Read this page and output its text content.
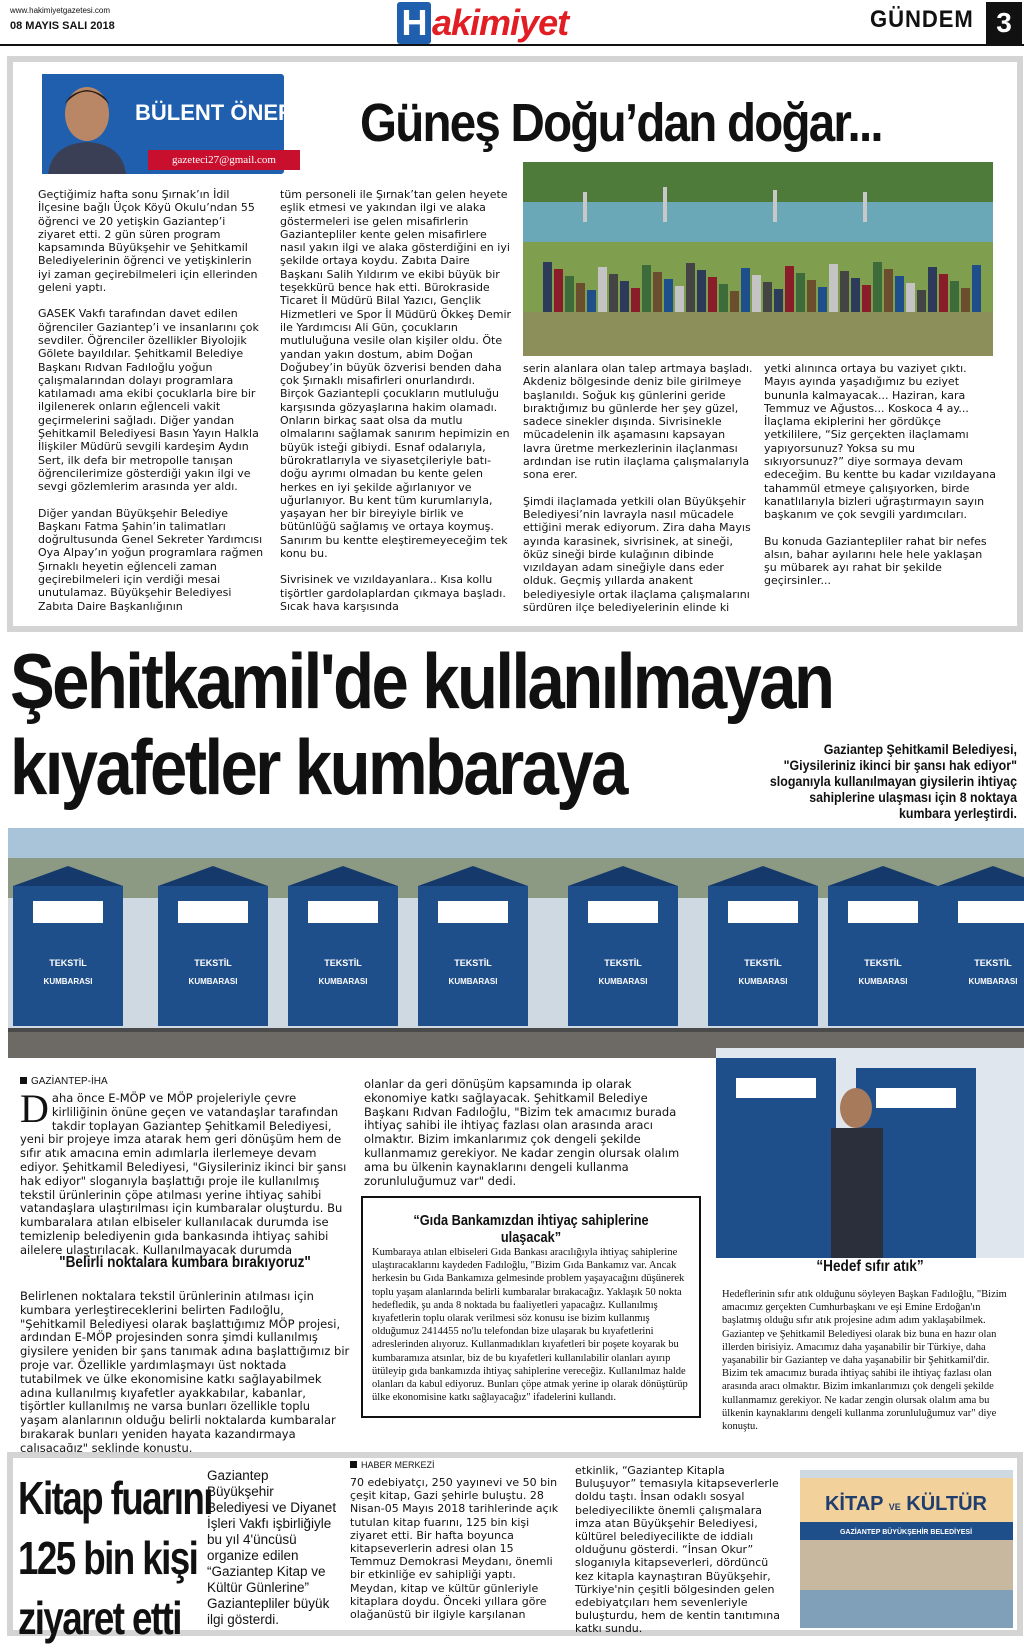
www.hakimiyetgazetesi.com
08 MAYIS SALI 2018	H akimiyet	GÜNDEM 3
BÜLENT ÖNER
gazeteci27@gmail.com
Güneş Doğu’dan doğar...

Geçtiğimiz hafta sonu Şırnak’ın İdil İlçesine bağlı Üçok Köyü Okulu’ndan 55 öğrenci ve 20 yetişkin Gaziantep’i ziyaret etti. 2 gün süren program kapsamında Büyükşehir ve Şehitkamil Belediyelerinin öğrenci ve yetişkinlerin iyi zaman geçirebilmeleri için ellerinden geleni yaptı.

GASEK Vakfı tarafından davet edilen öğrenciler Gaziantep’i ve insanlarını çok sevdiler. Öğrenciler özellikler Biyolojik Gölete bayıldılar. Şehitkamil Belediye Başkanı Rıdvan Fadıloğlu yoğun çalışmalarından dolayı programlara katılamadı ama ekibi çocuklarla bire bir ilgilenerek onların eğlenceli vakit geçirmelerini sağladı. Diğer yandan Şehitkamil Belediyesi Basın Yayın Halkla İlişkiler Müdürü sevgili kardeşim Aydın Sert, ilk defa bir metropolle tanışan öğrencilerimize gösterdiği yakın ilgi ve sevgi gözlemlerim arasında yer aldı.

Diğer yandan Büyükşehir Belediye Başkanı Fatma Şahin’in talimatları doğrultusunda Genel Sekreter Yardımcısı Oya Alpay’ın yoğun programlara rağmen Şırnaklı heyetin eğlenceli zaman geçirebilmeleri için verdiği mesai unutulamaz. Büyükşehir Belediyesi Zabıta Daire Başkanlığının

tüm personeli ile Şırnak’tan gelen heyete eşlik etmesi ve yakından ilgi ve alaka göstermeleri ise gelen misafirlerin Gaziantepliler kente gelen misafirlere nasıl yakın ilgi ve alaka gösterdiğini en iyi şekilde ortaya koydu. Zabıta Daire Başkanı Salih Yıldırım ve ekibi büyük bir teşekkürü bence hak etti. Bürokraside Ticaret İl Müdürü Bilal Yazıcı, Gençlik Hizmetleri ve Spor İl Müdürü Ökkeş Demir ile Yardımcısı Ali Gün, çocukların mutluluğuna vesile olan kişiler oldu. Öte yandan yakın dostum, abim Doğan Doğubey’in büyük özverisi benden daha çok Şırnaklı misafirleri onurlandırdı. Birçok Gaziantepli çocukların mutluluğu karşısında gözyaşlarına hakim olamadı. Onların birkaç saat olsa da mutlu olmalarını sağlamak sanırım hepimizin en büyük isteği gibiydi. Esnaf odalarıyla, bürokratlarıyla ve siyasetçileriyle batı-doğu ayrımı olmadan bu kente gelen herkes en iyi şekilde ağırlanıyor ve uğurlanıyor. Bu kent tüm kurumlarıyla, yaşayan her bir bireyiyle birlik ve bütünlüğü sağlamış ve ortaya koymuş. Sanırım bu kentte eleştiremeyeceğim tek konu bu.

Sivrisinek ve vızıldayanlara.. Kısa kollu tişörtler gardolaplardan çıkmaya başladı. Sıcak hava karşısında

serin alanlara olan talep artmaya başladı. Akdeniz bölgesinde deniz bile girilmeye başlanıldı. Soğuk kış günlerini geride bıraktığımız bu günlerde her şey güzel, sadece sinekler dışında. Sivrisinekle mücadelenin ilk aşamasını kapsayan lavra üretme merkezlerinin ilaçlanması ardından ise rutin ilaçlama çalışmalarıyla sona erer.

Şimdi ilaçlamada yetkili olan Büyükşehir Belediyesi’nin lavrayla nasıl mücadele ettiğini merak ediyorum. Zira daha Mayıs ayında karasinek, sivrisinek, at sineği, öküz sineği birde kulağının dibinde vızıldayan adam sineğiyle dans eder olduk. Geçmiş yıllarda anakent belediyesiyle ortak ilaçlama çalışmalarını sürdüren ilçe belediyelerinin elinde ki

yetki alınınca ortaya bu vaziyet çıktı. Mayıs ayında yaşadığımız bu eziyet bununla kalmayacak... Haziran, kara Temmuz ve Ağustos... Koskoca 4 ay... İlaçlama ekiplerini her gördükçe yetkililere, “Siz gerçekten ilaçlamamı yapıyorsunuz? Yoksa su mu sıkıyorsunuz?” diye sormaya devam edeceğim. Bu kentte bu kadar vızıldayana tahammül etmeye çalışıyorken, birde kanatlılarıyla bizleri uğraştırmayın sayın başkanım ve çok sevgili yardımcıları.

Bu konuda Gaziantepliler rahat bir nefes alsın, bahar ayılarını hele hele yaklaşan şu mübarek ayı rahat bir şekilde geçirsinler...

Şehitkamil'de kullanılmayan
kıyafetler kumbaraya	Gaziantep Şehitkamil Belediyesi, "Giysileriniz ikinci bir şansı hak ediyor" sloganıyla kullanılmayan giysilerin ihtiyaç sahiplerine ulaşması için 8 noktaya kumbara yerleştirdi.
TEKSTİL
KUMBARASI
TEKSTİL
KUMBARASI
TEKSTİL
KUMBARASI
TEKSTİL
KUMBARASI
TEKSTİL
KUMBARASI
TEKSTİL
KUMBARASI
TEKSTİL
KUMBARASI
TEKSTİL
KUMBARASI
GAZİANTEP-İHA
Daha önce E-MÖP ve MÖP projeleriyle çevre kirliliğinin önüne geçen ve vatandaşlar tarafından takdir toplayan Gaziantep Şehitkamil Belediyesi, yeni bir projeye imza atarak hem geri dönüşüm hem de sıfır atık amacına emin adımlarla ilerlemeye devam ediyor. Şehitkamil Belediyesi, "Giysileriniz ikinci bir şansı hak ediyor" sloganıyla başlattığı proje ile kullanılmış tekstil ürünlerinin çöpe atılması yerine ihtiyaç sahibi vatandaşlara ulaştırılması için kumbaralar oluşturdu. Bu kumbaralara atılan elbiseler kullanılacak durumda ise temizlenip belediyenin gıda bankasında ihtiyaç sahibi ailelere ulaştırılacak. Kullanılmayacak durumda

olanlar da geri dönüşüm kapsamında ip olarak ekonomiye katkı sağlayacak. Şehitkamil Belediye Başkanı Rıdvan Fadıloğlu, "Bizim tek amacımız burada ihtiyaç sahibi ile ihtiyaç fazlası olan arasında aracı olmaktır. Bizim imkanlarımız çok dengeli şekilde kullanmamız gerekiyor. Ne kadar zengin olursak olalım ama bu ülkenin kaynaklarını dengeli kullanma zorunluluğumuz var" dedi.

"Belirli noktalara kumbara bırakıyoruz"

Belirlenen noktalara tekstil ürünlerinin atılması için kumbara yerleştireceklerini belirten Fadıloğlu, "Şehitkamil Belediyesi olarak başlattığımız MÖP projesi, ardından E-MÖP projesinden sonra şimdi kullanılmış giysilere yeniden bir şans tanımak adına başlattığımız bir proje var. Özellikle yardımlaşmayı üst noktada tutabilmek ve ülke ekonomisine katkı sağlayabilmek adına kullanılmış kıyafetler ayakkabılar, kabanlar, tişörtler kullanılmış ne varsa bunları özellikle toplu yaşam alanlarının olduğu belirli noktalarda kumbaralar bırakarak bunları yeniden hayata kazandırmaya çalışacağız" şeklinde konuştu.

“Gıda Bankamızdan ihtiyaç sahiplerine ulaşacak”
Kumbaraya atılan elbiseleri Gıda Bankası aracılığıyla ihtiyaç sahiplerine ulaştıracaklarını kaydeden Fadıloğlu, "Bizim Gıda Bankamız var. Ancak herkesin bu Gıda Bankamıza gelmesinde problem yaşayacağını düşünerek toplu yaşam alanlarında belirli kumbaralar bırakacağız. Yaklaşık 50 nokta hedefledik, şu anda 8 noktada bu faaliyetleri yapacağız. Kullanılmış kıyafetlerin toplu olarak verilmesi söz konusu ise bizim kullanmış olduğumuz 2414455 no'lu telefondan bize ulaşarak bu kıyafetlerini adreslerinden alıyoruz. Kullanmadıkları kıyafetleri bir poşete koyarak bu kumbaramıza atsınlar, biz de bu kıyafetleri kullanılabilir olanları ayırıp ütüleyip gıda bankamızda ihtiyaç sahiplerine vereceğiz. Kullanılmaz halde olanları da kabul ediyoruz. Bunları çöpe atmak yerine ip olarak dönüştürüp ülke ekonomisine katkı sağlayacağız" ifadelerini kullandı.
“Hedef sıfır atık”
Hedeflerinin sıfır atık olduğunu söyleyen Başkan Fadıloğlu, "Bizim amacımız gerçekten Cumhurbaşkanı ve eşi Emine Erdoğan'ın başlatmış olduğu sıfır atık projesine adım adım yaklaşabilmek. Gaziantep ve Şehitkamil Belediyesi olarak biz buna en hazır olan illerden birisiyiz. Amacımız daha yaşanabilir bir Türkiye, daha yaşanabilir bir Gaziantep ve daha yaşanabilir bir Şehitkamil'dir. Bizim tek amacımız burada ihtiyaç sahibi ile ihtiyaç fazlası olan arasında aracı olmaktır. Bizim imkanlarımızı çok dengeli şekilde kullanmamız gerekiyor. Ne kadar zengin olursak olalım ama bu ülkenin kaynaklarını dengeli kullanma zorunluluğumuz var" diye konuştu.
Kitap fuarını
125 bin kişi
ziyaret etti
Gaziantep Büyükşehir Belediyesi ve Diyanet İşleri Vakfı işbirliğiyle bu yıl 4'üncüsü organize edilen “Gaziantep Kitap ve Kültür Günlerine” Gaziantepliler büyük ilgi gösterdi.
HABER MERKEZİ
70 edebiyatçı, 250 yayınevi ve 50 bin çeşit kitap, Gazi şehirle buluştu. 28 Nisan-05 Mayıs 2018 tarihlerinde açık tutulan kitap fuarını, 125 bin kişi ziyaret etti. Bir hafta boyunca kitapseverlerin adresi olan 15 Temmuz Demokrasi Meydanı, önemli bir etkinliğe ev sahipliği yaptı. Meydan, kitap ve kültür günleriyle kitaplara doydu. Önceki yıllara göre olağanüstü bir ilgiyle karşılanan
etkinlik, “Gaziantep Kitapla Buluşuyor” temasıyla kitapseverlerle doldu taştı. İnsan odaklı sosyal belediyecilikte önemli çalışmalara imza atan Büyükşehir Belediyesi, kültürel belediyecilikte de iddialı olduğunu gösterdi. “İnsan Okur” sloganıyla kitapseverleri, dördüncü kez kitapla kaynaştıran Büyükşehir, Türkiye'nin çeşitli bölgesinden gelen edebiyatçıları hem sevenleriyle buluşturdu, hem de kentin tanıtımına katkı sundu.
KİTAP VE KÜLTÜR
GAZİANTEP BÜYÜKŞEHİR BELEDİYESİ
